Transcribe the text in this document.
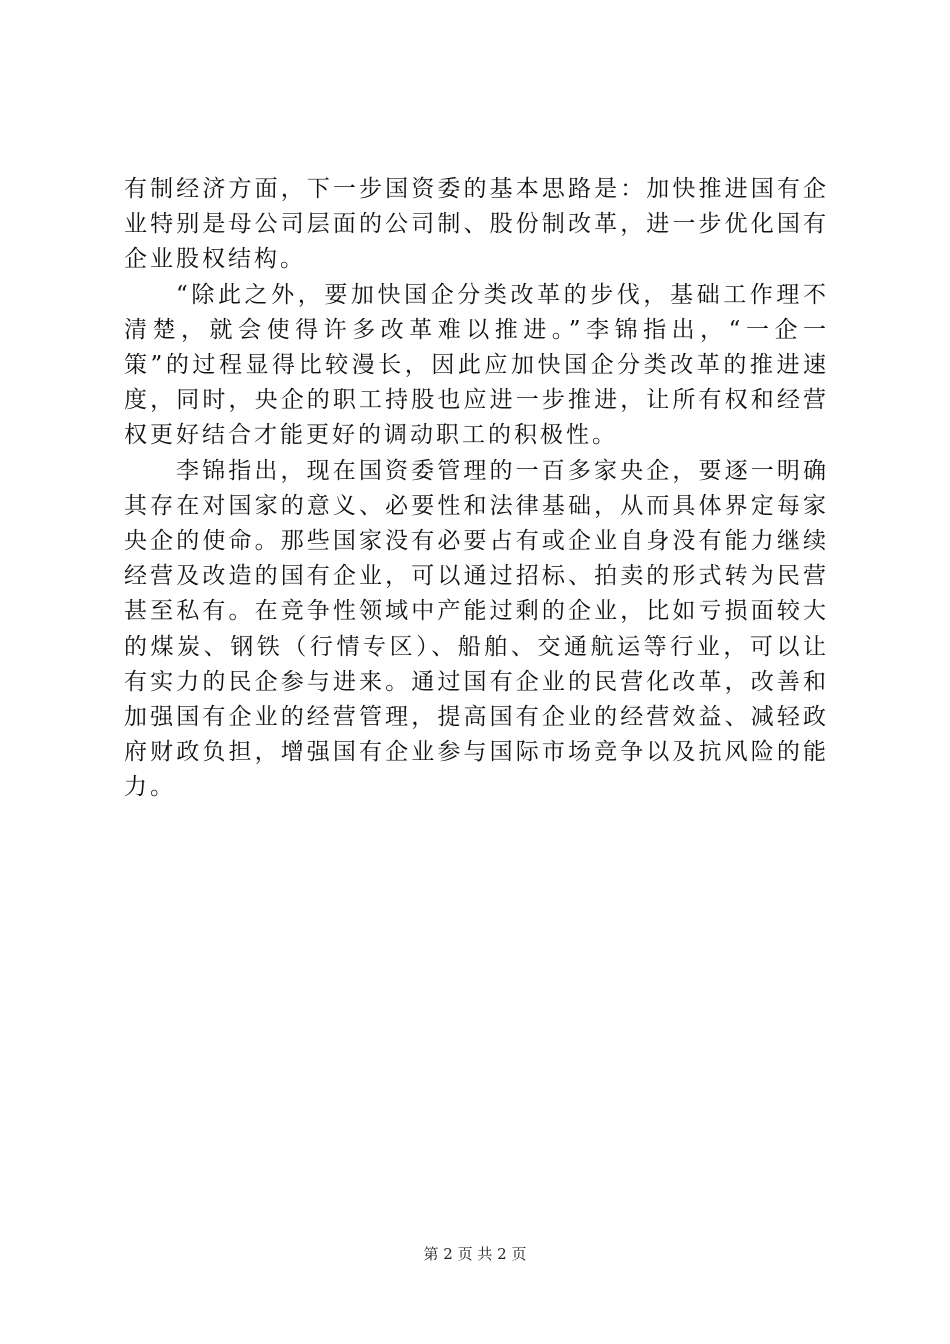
有制经济方面，下一步国资委的基本思路是：加快推进国有企业特别是母公司层面的公司制、股份制改革，进一步优化国有企业股权结构。

“除此之外，要加快国企分类改革的步伐，基础工作理不清楚，就会使得许多改革难以推进。”李锦指出，“一企一策”的过程显得比较漫长，因此应加快国企分类改革的推进速度，同时，央企的职工持股也应进一步推进，让所有权和经营权更好结合才能更好的调动职工的积极性。

李锦指出，现在国资委管理的一百多家央企，要逐一明确其存在对国家的意义、必要性和法律基础，从而具体界定每家央企的使命。那些国家没有必要占有或企业自身没有能力继续经营及改造的国有企业，可以通过招标、拍卖的形式转为民营甚至私有。在竞争性领域中产能过剩的企业，比如亏损面较大的煤炭、钢铁（行情专区）、船舶、交通航运等行业，可以让有实力的民企参与进来。通过国有企业的民营化改革，改善和加强国有企业的经营管理，提高国有企业的经营效益、减轻政府财政负担，增强国有企业参与国际市场竞争以及抗风险的能力。

第 2 页 共 2 页
